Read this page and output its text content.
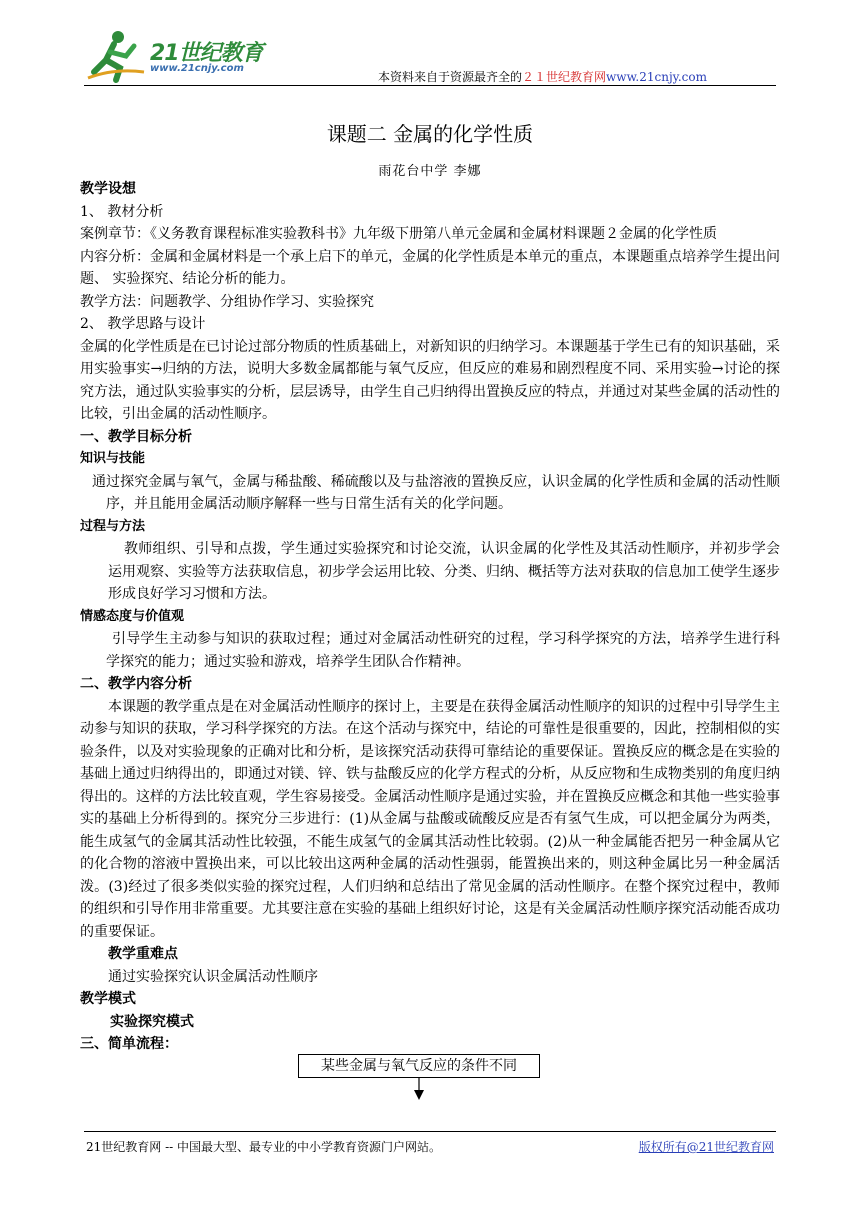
21世纪教育
www.21cnjy.com
本资料来自于资源最齐全的２１世纪教育网www.21cnjy.com
课题二 金属的化学性质
雨花台中学 李娜

教学设想

1、 教材分析

案例章节：《义务教育课程标准实验教科书》九年级下册第八单元金属和金属材料课题２金属的化学性质

内容分析：金属和金属材料是一个承上启下的单元，金属的化学性质是本单元的重点，本课题重点培养学生提出问题、 实验探究、结论分析的能力。

教学方法：问题教学、分组协作学习、实验探究

2、 教学思路与设计

金属的化学性质是在已讨论过部分物质的性质基础上，对新知识的归纳学习。本课题基于学生已有的知识基础，采用实验事实→归纳的方法，说明大多数金属都能与氧气反应，但反应的难易和剧烈程度不同、采用实验→讨论的探究方法，通过队实验事实的分析，层层诱导，由学生自己归纳得出置换反应的特点，并通过对某些金属的活动性的比较，引出金属的活动性顺序。

一、教学目标分析

知识与技能

通过探究金属与氧气，金属与稀盐酸、稀硫酸以及与盐溶液的置换反应，认识金属的化学性质和金属的活动性顺序，并且能用金属活动顺序解释一些与日常生活有关的化学问题。

过程与方法

教师组织、引导和点拨，学生通过实验探究和讨论交流，认识金属的化学性及其活动性顺序，并初步学会运用观察、实验等方法获取信息，初步学会运用比较、分类、归纳、概括等方法对获取的信息加工使学生逐步形成良好学习习惯和方法。

情感态度与价值观

引导学生主动参与知识的获取过程；通过对金属活动性研究的过程，学习科学探究的方法，培养学生进行科学探究的能力；通过实验和游戏，培养学生团队合作精神。

二、教学内容分析

本课题的教学重点是在对金属活动性顺序的探讨上，主要是在获得金属活动性顺序的知识的过程中引导学生主动参与知识的获取，学习科学探究的方法。在这个活动与探究中，结论的可靠性是很重要的，因此，控制相似的实验条件，以及对实验现象的正确对比和分析，是该探究活动获得可靠结论的重要保证。置换反应的概念是在实验的基础上通过归纳得出的，即通过对镁、锌、铁与盐酸反应的化学方程式的分析，从反应物和生成物类别的角度归纳得出的。这样的方法比较直观，学生容易接受。金属活动性顺序是通过实验，并在置换反应概念和其他一些实验事实的基础上分析得到的。探究分三步进行：(1)从金属与盐酸或硫酸反应是否有氢气生成，可以把金属分为两类，能生成氢气的金属其活动性比较强，不能生成氢气的金属其活动性比较弱。(2)从一种金属能否把另一种金属从它的化合物的溶液中置换出来，可以比较出这两种金属的活动性强弱，能置换出来的，则这种金属比另一种金属活泼。(3)经过了很多类似实验的探究过程，人们归纳和总结出了常见金属的活动性顺序。在整个探究过程中，教师的组织和引导作用非常重要。尤其要注意在实验的基础上组织好讨论，这是有关金属活动性顺序探究活动能否成功的重要保证。

教学重难点

通过实验探究认识金属活动性顺序

教学模式

实验探究模式

三、简单流程：

某些金属与氧气反应的条件不同
21世纪教育网 -- 中国最大型、最专业的中小学教育资源门户网站。	版权所有@21世纪教育网
